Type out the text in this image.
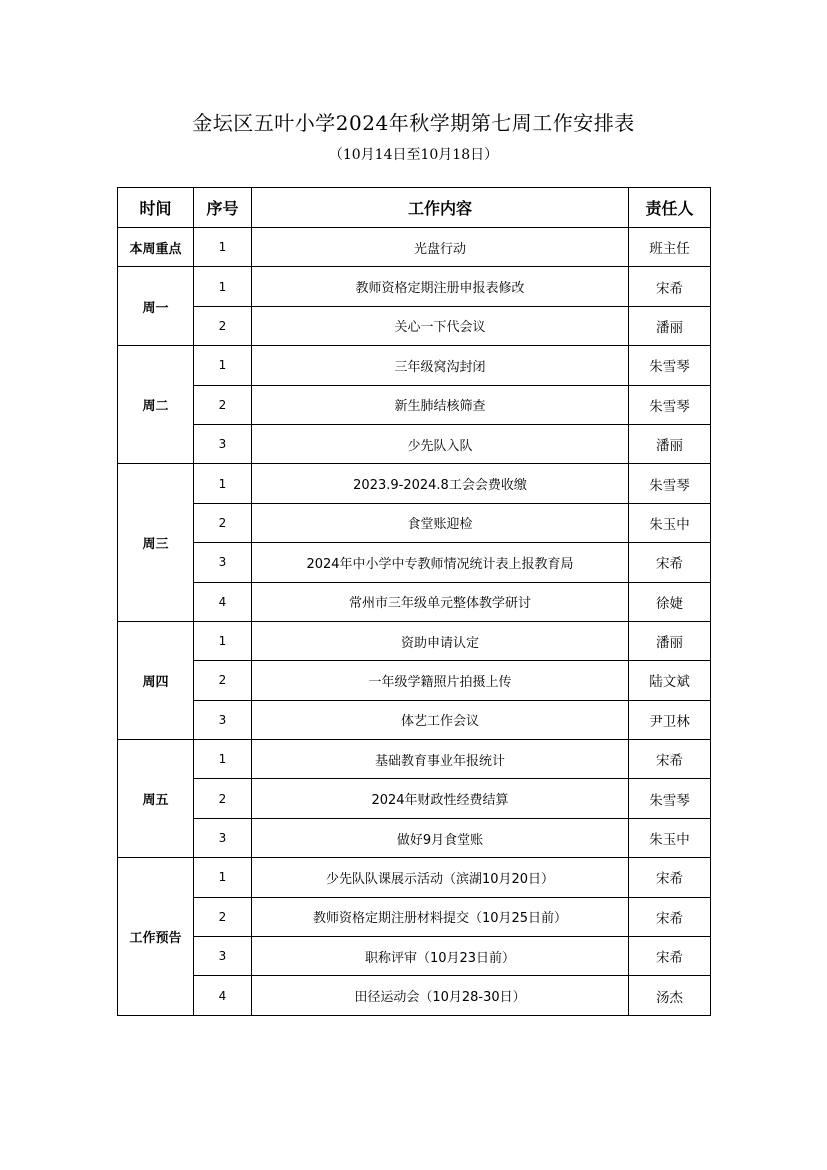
金坛区五叶小学2024年秋学期第七周工作安排表
（10月14日至10月18日）
时间	序号	工作内容	责任人
本周重点	1	光盘行动	班主任
周一	1	教师资格定期注册申报表修改	宋希
	2	关心一下代会议	潘丽
周二	1	三年级窝沟封闭	朱雪琴
	2	新生肺结核筛查	朱雪琴
	3	少先队入队	潘丽
周三	1	2023.9-2024.8工会会费收缴	朱雪琴
	2	食堂账迎检	朱玉中
	3	2024年中小学中专教师情况统计表上报教育局	宋希
	4	常州市三年级单元整体教学研讨	徐婕
周四	1	资助申请认定	潘丽
	2	一年级学籍照片拍摄上传	陆文斌
	3	体艺工作会议	尹卫林
周五	1	基础教育事业年报统计	宋希
	2	2024年财政性经费结算	朱雪琴
	3	做好9月食堂账	朱玉中
工作预告	1	少先队队课展示活动（滨湖10月20日）	宋希
	2	教师资格定期注册材料提交（10月25日前）	宋希
	3	职称评审（10月23日前）	宋希
	4	田径运动会（10月28-30日）	汤杰
